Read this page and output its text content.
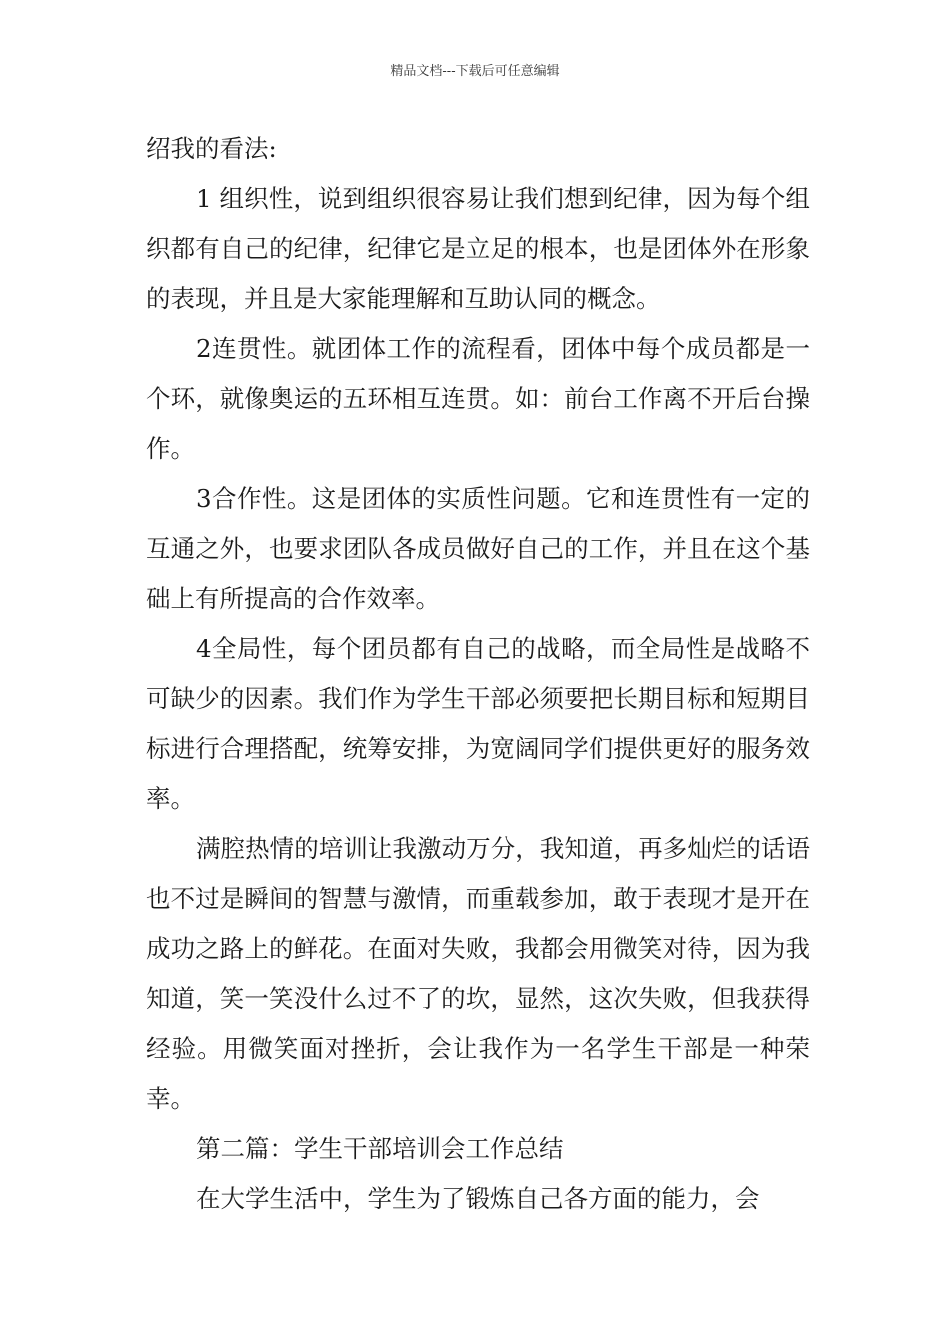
精品文档---下载后可任意编辑

绍我的看法:

1 组织性，说到组织很容易让我们想到纪律，因为每个组织都有自己的纪律，纪律它是立足的根本，也是团体外在形象的表现，并且是大家能理解和互助认同的概念。

2连贯性。就团体工作的流程看，团体中每个成员都是一个环，就像奥运的五环相互连贯。如：前台工作离不开后台操作。

3合作性。这是团体的实质性问题。它和连贯性有一定的互通之外，也要求团队各成员做好自己的工作，并且在这个基础上有所提高的合作效率。

4全局性，每个团员都有自己的战略，而全局性是战略不可缺少的因素。我们作为学生干部必须要把长期目标和短期目标进行合理搭配，统筹安排，为宽阔同学们提供更好的服务效率。

满腔热情的培训让我激动万分，我知道，再多灿烂的话语也不过是瞬间的智慧与激情，而重载参加，敢于表现才是开在成功之路上的鲜花。在面对失败，我都会用微笑对待，因为我知道，笑一笑没什么过不了的坎，显然，这次失败，但我获得经验。用微笑面对挫折，会让我作为一名学生干部是一种荣幸。

第二篇：学生干部培训会工作总结

在大学生活中，学生为了锻炼自己各方面的能力，会
